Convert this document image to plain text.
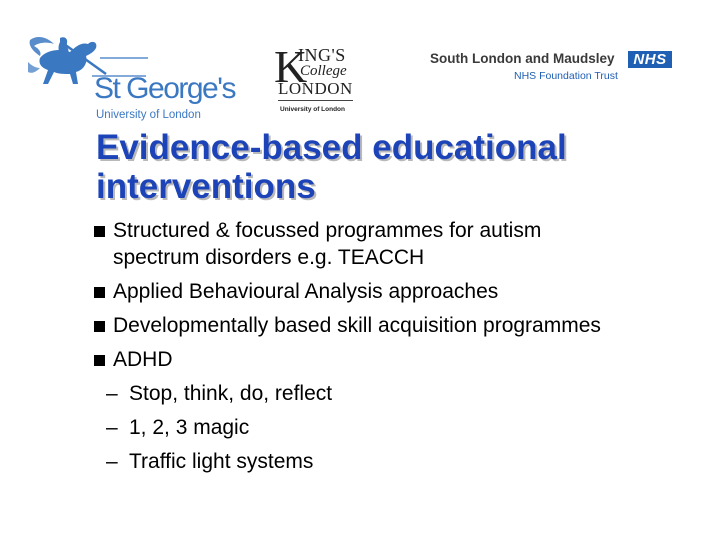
St George's
University of London
K
ING'S
College
LONDON
University of London
South London and Maudsley	NHS
NHS Foundation Trust
Evidence-based educational
interventions
Structured & focussed programmes for autism
spectrum disorders e.g. TEACCH
Applied Behavioural Analysis approaches
Developmentally based skill acquisition programmes
ADHD
– Stop, think, do, reflect
– 1, 2, 3 magic
– Traffic light systems
